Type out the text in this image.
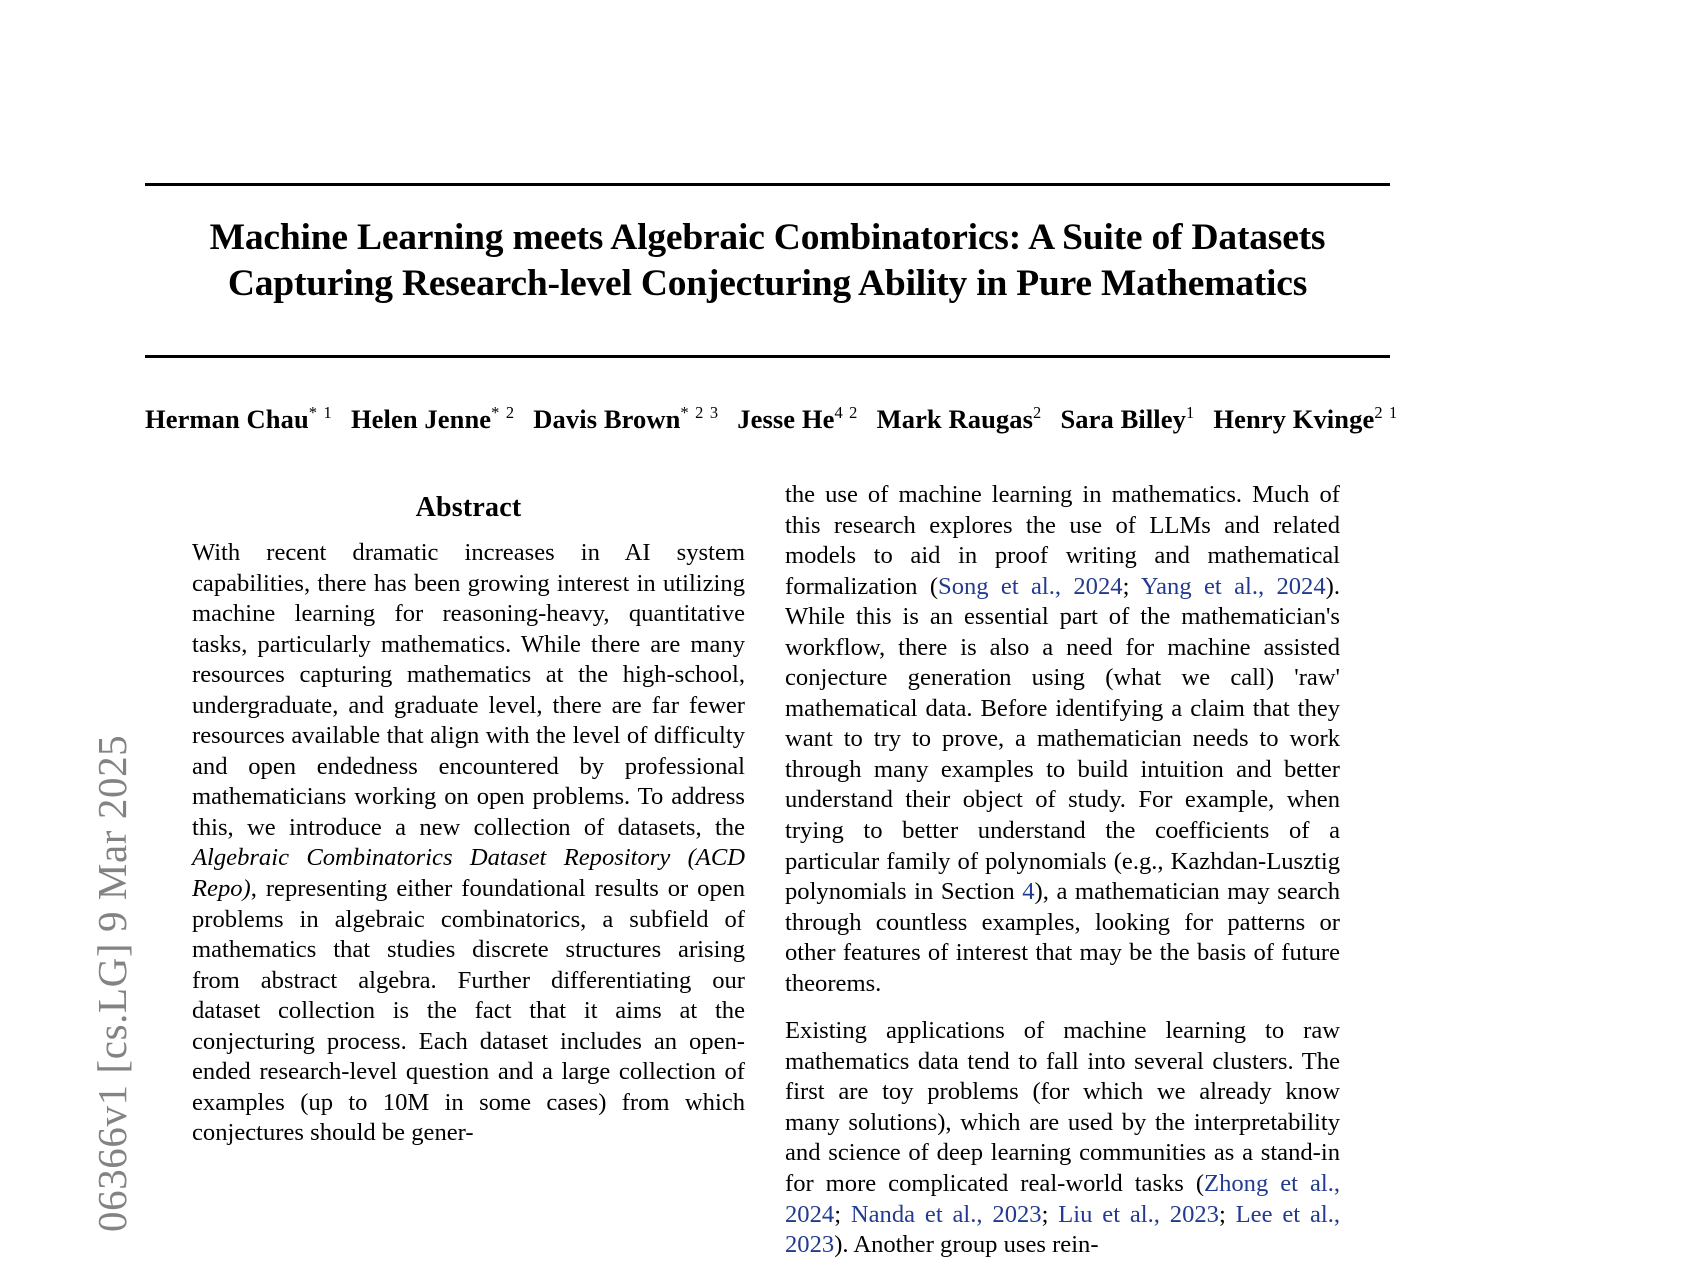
06366v1 [cs.LG] 9 Mar 2025
Machine Learning meets Algebraic Combinatorics: A Suite of Datasets Capturing Research-level Conjecturing Ability in Pure Mathematics
Herman Chau$^{* 1}$ Helen Jenne$^{* 2}$ Davis Brown$^{* 2 3}$ Jesse $He^{4 2}$ Mark Raugas$^2$ Sara Billey$^1$ Henry Kvinge$^{2 1}$
Abstract

With recent dramatic increases in AI system capabilities, there has been growing interest in utilizing machine learning for reasoning-heavy, quantitative tasks, particularly mathematics. While there are many resources capturing mathematics at the high-school, undergraduate, and graduate level, there are far fewer resources available that align with the level of difficulty and open endedness encountered by professional mathematicians working on open problems. To address this, we introduce a new collection of datasets, the Algebraic Combinatorics Dataset Repository (ACD Repo), representing either foundational results or open problems in algebraic combinatorics, a subfield of mathematics that studies discrete structures arising from abstract algebra. Further differentiating our dataset collection is the fact that it aims at the conjecturing process. Each dataset includes an open-ended research-level question and a large collection of examples (up to 10M in some cases) from which conjectures should be gener-

the use of machine learning in mathematics. Much of this research explores the use of LLMs and related models to aid in proof writing and mathematical formalization (Song et al., 2024; Yang et al., 2024). While this is an essential part of the mathematician's workflow, there is also a need for machine assisted conjecture generation using (what we call) 'raw' mathematical data. Before identifying a claim that they want to try to prove, a mathematician needs to work through many examples to build intuition and better understand their object of study. For example, when trying to better understand the coefficients of a particular family of polynomials (e.g., Kazhdan-Lusztig polynomials in Section 4), a mathematician may search through countless examples, looking for patterns or other features of interest that may be the basis of future theorems.

Existing applications of machine learning to raw mathematics data tend to fall into several clusters. The first are toy problems (for which we already know many solutions), which are used by the interpretability and science of deep learning communities as a stand-in for more complicated real-world tasks (Zhong et al., 2024; Nanda et al., 2023; Liu et al., 2023; Lee et al., 2023). Another group uses rein-
